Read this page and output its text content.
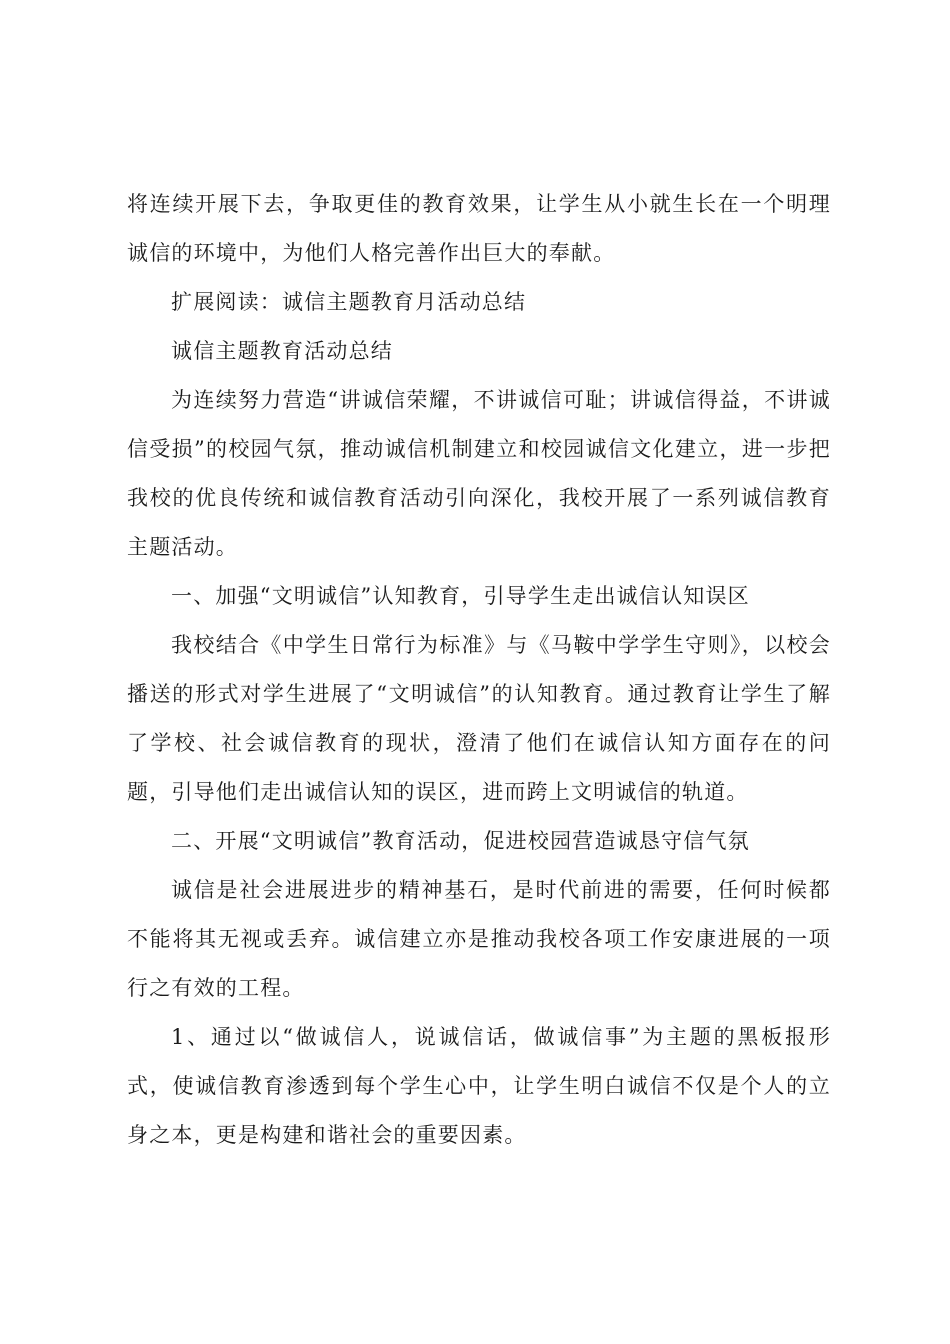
将连续开展下去，争取更佳的教育效果，让学生从小就生长在一个明理诚信的环境中，为他们人格完善作出巨大的奉献。

扩展阅读：诚信主题教育月活动总结

诚信主题教育活动总结

为连续努力营造“讲诚信荣耀，不讲诚信可耻；讲诚信得益，不讲诚信受损”的校园气氛，推动诚信机制建立和校园诚信文化建立，进一步把我校的优良传统和诚信教育活动引向深化，我校开展了一系列诚信教育主题活动。

一、加强“文明诚信”认知教育，引导学生走出诚信认知误区

我校结合《中学生日常行为标准》与《马鞍中学学生守则》，以校会播送的形式对学生进展了“文明诚信”的认知教育。通过教育让学生了解了学校、社会诚信教育的现状，澄清了他们在诚信认知方面存在的问题，引导他们走出诚信认知的误区，进而跨上文明诚信的轨道。

二、开展“文明诚信”教育活动，促进校园营造诚恳守信气氛

诚信是社会进展进步的精神基石，是时代前进的需要，任何时候都不能将其无视或丢弃。诚信建立亦是推动我校各项工作安康进展的一项行之有效的工程。

1、通过以“做诚信人，说诚信话，做诚信事”为主题的黑板报形式，使诚信教育渗透到每个学生心中，让学生明白诚信不仅是个人的立身之本，更是构建和谐社会的重要因素。
